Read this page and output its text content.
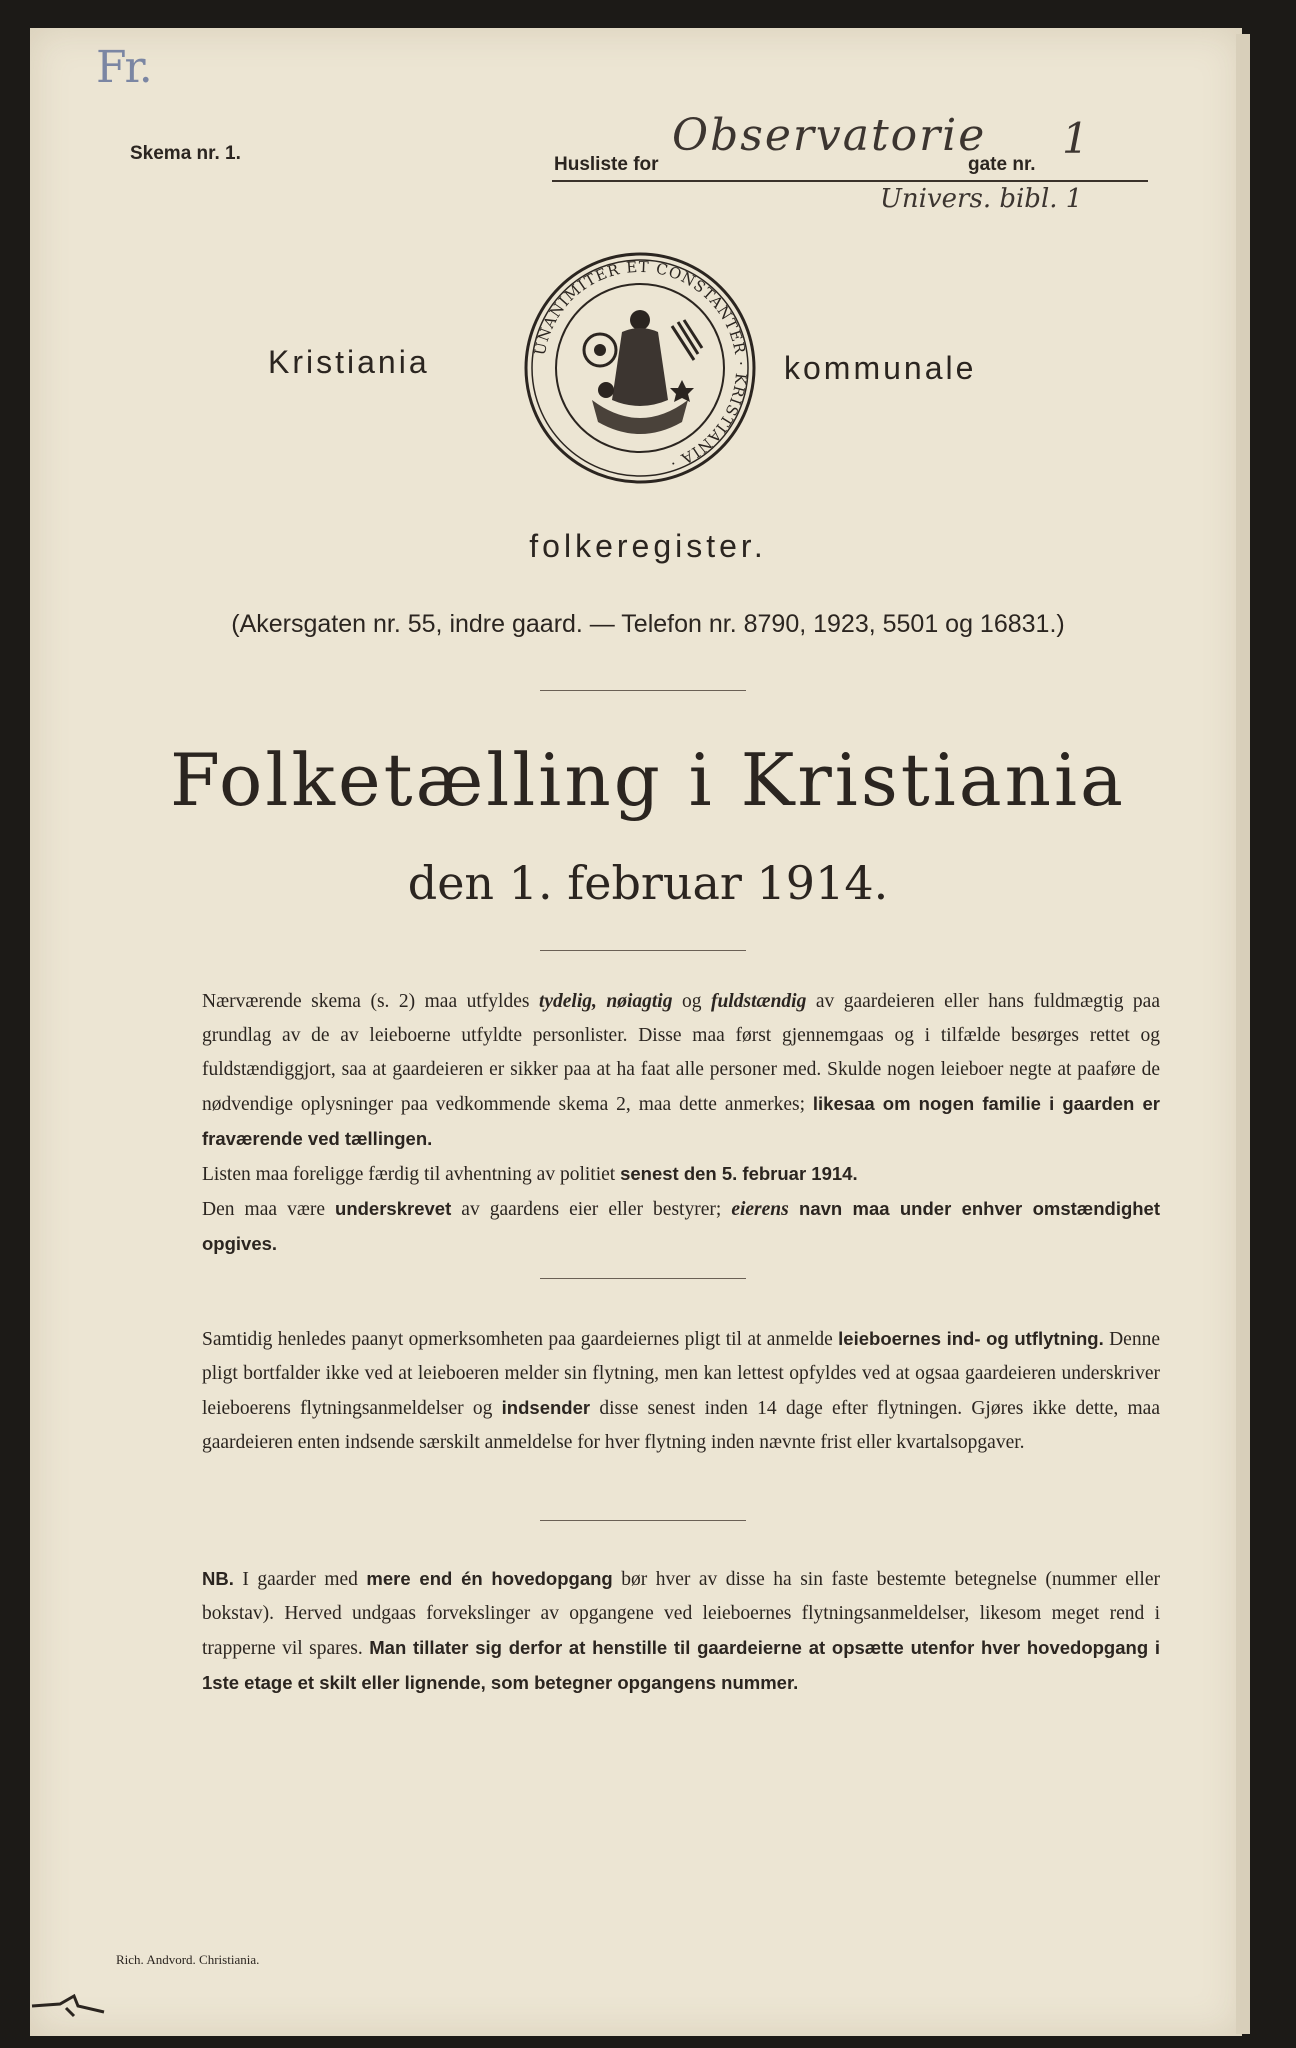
Fr.
Skema nr. 1.
Husliste for
Observatorie
gate nr.
1
Univers. bibl. 1
Kristiania	kommunale
UNANIMITER ET CONSTANTER · KRISTIANIA ·
folkeregister.
(Akersgaten nr. 55, indre gaard. — Telefon nr. 8790, 1923, 5501 og 16831.)
Folketælling i Kristiania
den 1. februar 1914.
Nærværende skema (s. 2) maa utfyldes tydelig, nøiagtig og fuldstændig av gaardeieren eller hans fuldmægtig paa grundlag av de av leieboerne utfyldte personlister. Disse maa først gjennemgaas og i tilfælde besørges rettet og fuldstændiggjort, saa at gaardeieren er sikker paa at ha faat alle personer med. Skulde nogen leieboer negte at paaføre de nødvendige oplysninger paa vedkommende skema 2, maa dette anmerkes; likesaa om nogen familie i gaarden er fraværende ved tællingen.
Listen maa foreligge færdig til avhentning av politiet senest den 5. februar 1914.
Den maa være underskrevet av gaardens eier eller bestyrer; eierens navn maa under enhver omstændighet opgives.
Samtidig henledes paanyt opmerksomheten paa gaardeiernes pligt til at anmelde leieboernes ind- og utflytning. Denne pligt bortfalder ikke ved at leieboeren melder sin flytning, men kan lettest opfyldes ved at ogsaa gaardeieren underskriver leieboerens flytningsanmeldelser og indsender disse senest inden 14 dage efter flytningen. Gjøres ikke dette, maa gaardeieren enten indsende særskilt anmeldelse for hver flytning inden nævnte frist eller kvartalsopgaver.
NB. I gaarder med mere end én hovedopgang bør hver av disse ha sin faste bestemte betegnelse (nummer eller bokstav). Herved undgaas forvekslinger av opgangene ved leieboernes flytningsanmeldelser, likesom meget rend i trapperne vil spares. Man tillater sig derfor at henstille til gaardeierne at opsætte utenfor hver hovedopgang i 1ste etage et skilt eller lignende, som betegner opgangens nummer.
Rich. Andvord. Christiania.
